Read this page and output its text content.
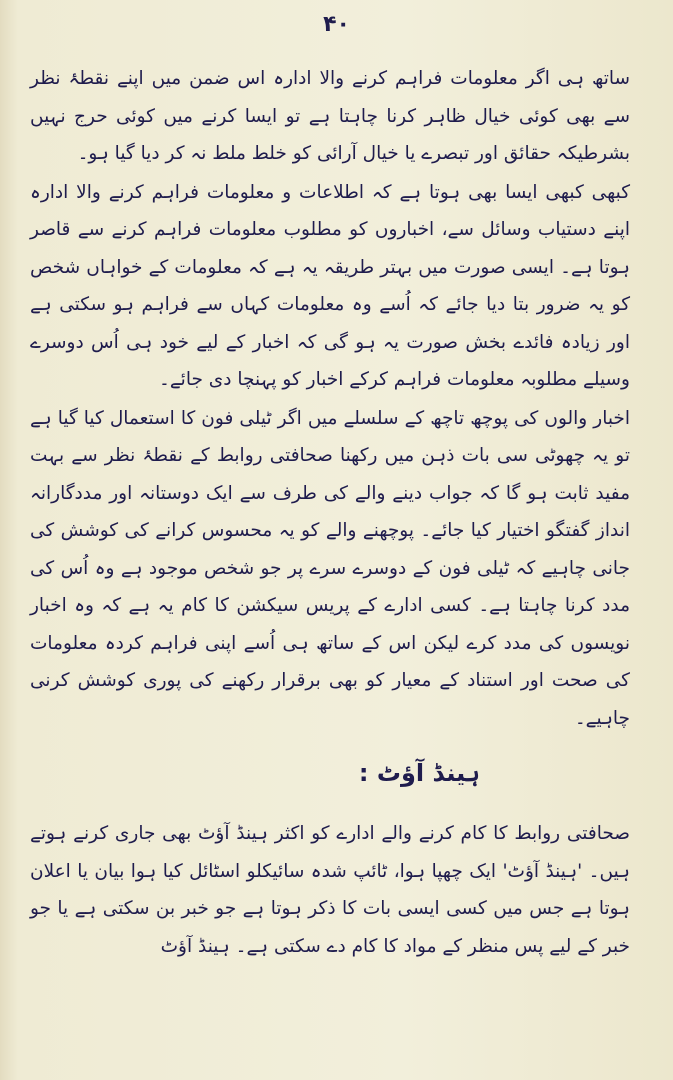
۴۰

ساتھ ہی اگر معلومات فراہم کرنے والا ادارہ اس ضمن میں اپنے نقطۂ نظر سے بھی کوئی خیال ظاہر کرنا چاہتا ہے تو ایسا کرنے میں کوئی حرج نہیں بشرطیکہ حقائق اور تبصرے یا خیال آرائی کو خلط ملط نہ کر دیا گیا ہو۔

کبھی کبھی ایسا بھی ہوتا ہے کہ اطلاعات و معلومات فراہم کرنے والا ادارہ اپنے دستیاب وسائل سے، اخباروں کو مطلوب معلومات فراہم کرنے سے قاصر ہوتا ہے۔ ایسی صورت میں بہتر طریقہ یہ ہے کہ معلومات کے خواہاں شخص کو یہ ضرور بتا دیا جائے کہ اُسے وہ معلومات کہاں سے فراہم ہو سکتی ہے اور زیادہ فائدے بخش صورت یہ ہو گی کہ اخبار کے لیے خود ہی اُس دوسرے وسیلے مطلوبہ معلومات فراہم کرکے اخبار کو پہنچا دی جائے۔

اخبار والوں کی پوچھ تاچھ کے سلسلے میں اگر ٹیلی فون کا استعمال کیا گیا ہے تو یہ چھوٹی سی بات ذہن میں رکھنا صحافتی روابط کے نقطۂ نظر سے بہت مفید ثابت ہو گا کہ جواب دینے والے کی طرف سے ایک دوستانہ اور مددگارانہ انداز گفتگو اختیار کیا جائے۔ پوچھنے والے کو یہ محسوس کرانے کی کوشش کی جانی چاہیے کہ ٹیلی فون کے دوسرے سرے پر جو شخص موجود ہے وہ اُس کی مدد کرنا چاہتا ہے۔ کسی ادارے کے پریس سیکشن کا کام یہ ہے کہ وہ اخبار نویسوں کی مدد کرے لیکن اس کے ساتھ ہی اُسے اپنی فراہم کردہ معلومات کی صحت اور استناد کے معیار کو بھی برقرار رکھنے کی پوری کوشش کرنی چاہیے۔

ہینڈ آؤٹ :

صحافتی روابط کا کام کرنے والے ادارے کو اکثر ہینڈ آؤٹ بھی جاری کرنے ہوتے ہیں۔ 'ہینڈ آؤٹ' ایک چھپا ہوا، ٹائپ شدہ سائیکلو اسٹائل کیا ہوا بیان یا اعلان ہوتا ہے جس میں کسی ایسی بات کا ذکر ہوتا ہے جو خبر بن سکتی ہے یا جو خبر کے لیے پس منظر کے مواد کا کام دے سکتی ہے۔ ہینڈ آؤٹ
